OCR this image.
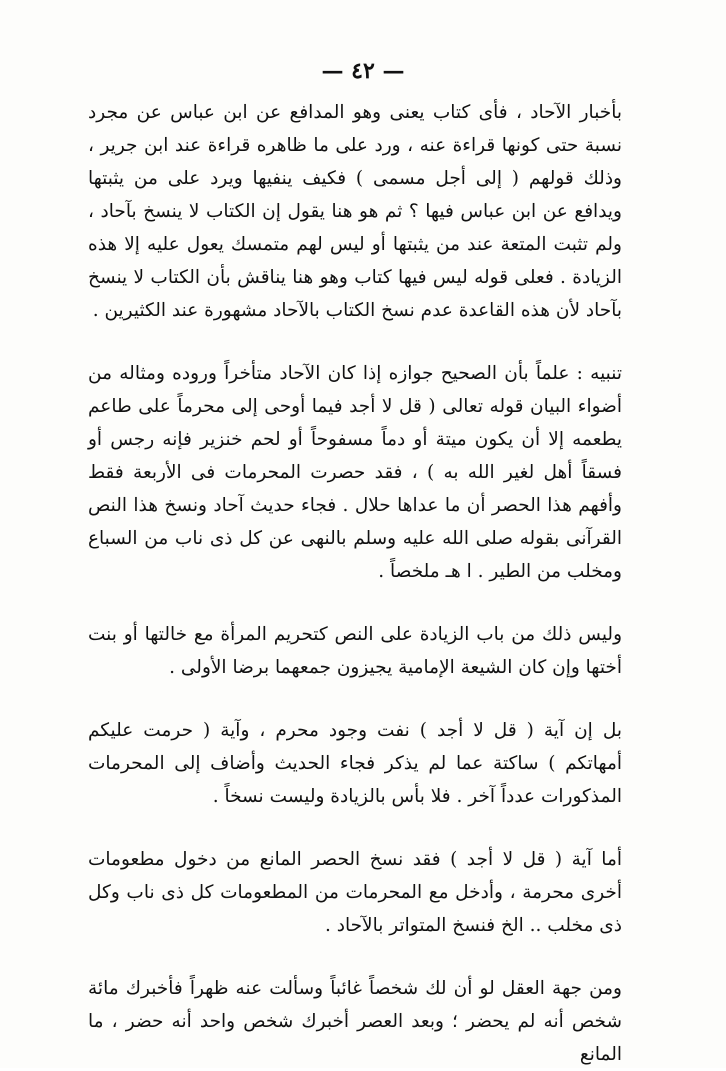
— ٤٢ —

بأخبار الآحاد ، فأى كتاب يعنى وهو المدافع عن ابن عباس عن مجرد نسبة حتى كونها قراءة عنه ، ورد على ما ظاهره قراءة عند ابن جرير ، وذلك قولهم ( إلى أجل مسمى ) فكيف ينفيها ويرد على من يثبتها ويدافع عن ابن عباس فيها ؟ ثم هو هنا يقول إن الكتاب لا ينسخ بآحاد ، ولم تثبت المتعة عند من يثبتها أو ليس لهم متمسك يعول عليه إلا هذه الزيادة . فعلى قوله ليس فيها كتاب وهو هنا يناقش بأن الكتاب لا ينسخ بآحاد لأن هذه القاعدة عدم نسخ الكتاب بالآحاد مشهورة عند الكثيرين .

تنبيه : علماً بأن الصحيح جوازه إذا كان الآحاد متأخراً وروده ومثاله من أضواء البيان قوله تعالى ( قل لا أجد فيما أوحى إلى محرماً على طاعم يطعمه إلا أن يكون ميتة أو دماً مسفوحاً أو لحم خنزير فإنه رجس أو فسقاً أهل لغير الله به ) ، فقد حصرت المحرمات فى الأربعة فقط وأفهم هذا الحصر أن ما عداها حلال . فجاء حديث آحاد ونسخ هذا النص القرآنى بقوله صلى الله عليه وسلم بالنهى عن كل ذى ناب من السباع ومخلب من الطير . ا هـ ملخصاً .

وليس ذلك من باب الزيادة على النص كتحريم المرأة مع خالتها أو بنت أختها وإن كان الشيعة الإمامية يجيزون جمعهما برضا الأولى .

بل إن آية ( قل لا أجد ) نفت وجود محرم ، وآية ( حرمت عليكم أمهاتكم ) ساكتة عما لم يذكر فجاء الحديث وأضاف إلى المحرمات المذكورات عدداً آخر . فلا بأس بالزيادة وليست نسخاً .

أما آية ( قل لا أجد ) فقد نسخ الحصر المانع من دخول مطعومات أخرى محرمة ، وأدخل مع المحرمات من المطعومات كل ذى ناب وكل ذى مخلب .. الخ فنسخ المتواتر بالآحاد .

ومن جهة العقل لو أن لك شخصاً غائباً وسألت عنه ظهراً فأخبرك مائة شخص أنه لم يحضر ؛ وبعد العصر أخبرك شخص واحد أنه حضر ، ما المانع
